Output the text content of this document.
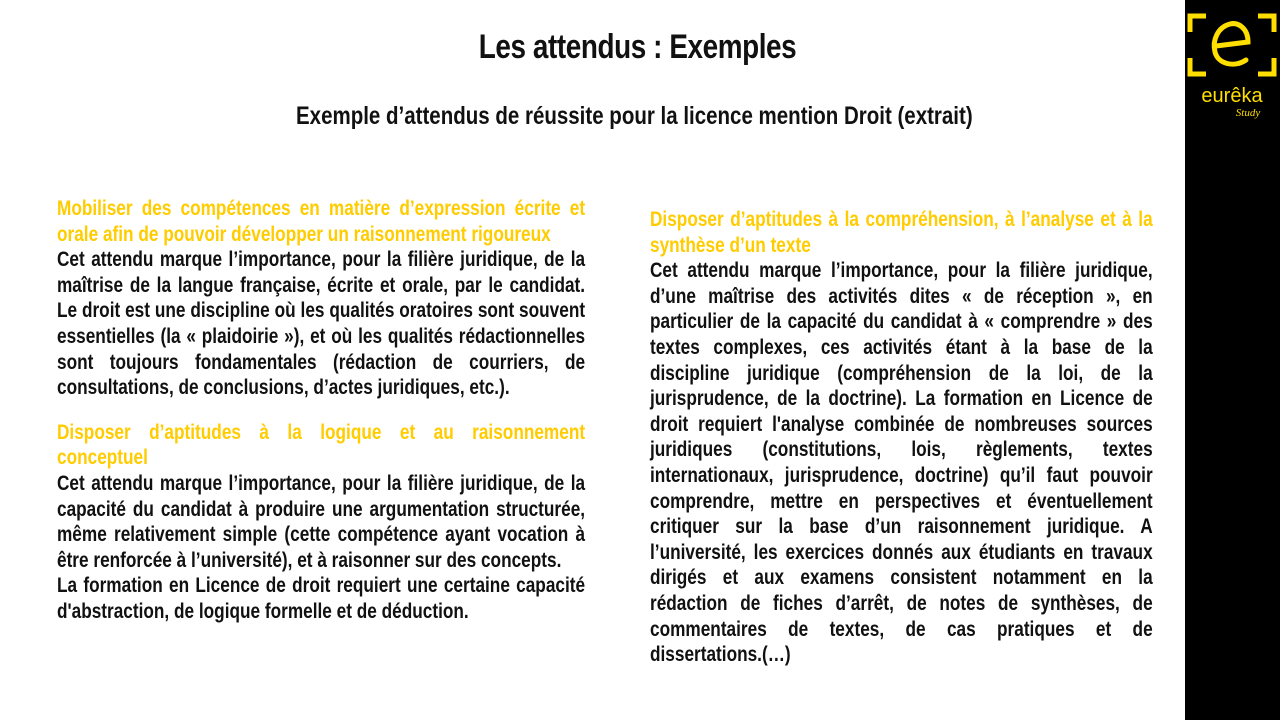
eurêka
Study
Les attendus : Exemples
Exemple d’attendus de réussite pour la licence mention Droit (extrait)
Mobiliser des compétences en matière d’expression écrite et orale afin de pouvoir développer un raisonnement rigoureux
Cet attendu marque l’importance, pour la filière juridique, de la maîtrise de la langue française, écrite et orale, par le candidat. Le droit est une discipline où les qualités oratoires sont souvent essentielles (la « plaidoirie »), et où les qualités rédactionnelles sont toujours fondamentales (rédaction de courriers, de consultations, de conclusions, d’actes juridiques, etc.).
Disposer d’aptitudes à la logique et au raisonnement conceptuel
Cet attendu marque l’importance, pour la filière juridique, de la capacité du candidat à produire une argumentation structurée, même relativement simple (cette compétence ayant vocation à être renforcée à l’université), et à raisonner sur des concepts.
La formation en Licence de droit requiert une certaine capacité d'abstraction, de logique formelle et de déduction.
Disposer d’aptitudes à la compréhension, à l’analyse et à la synthèse d’un texte
Cet attendu marque l’importance, pour la filière juridique, d’une maîtrise des activités dites « de réception », en particulier de la capacité du candidat à « comprendre » des textes complexes, ces activités étant à la base de la discipline juridique (compréhension de la loi, de la jurisprudence, de la doctrine). La formation en Licence de droit requiert l'analyse combinée de nombreuses sources juridiques (constitutions, lois, règlements, textes internationaux, jurisprudence, doctrine) qu’il faut pouvoir comprendre, mettre en perspectives et éventuellement critiquer sur la base d’un raisonnement juridique. A l’université, les exercices donnés aux étudiants en travaux dirigés et aux examens consistent notamment en la rédaction de fiches d’arrêt, de notes de synthèses, de commentaires de textes, de cas pratiques et de dissertations.(…)
